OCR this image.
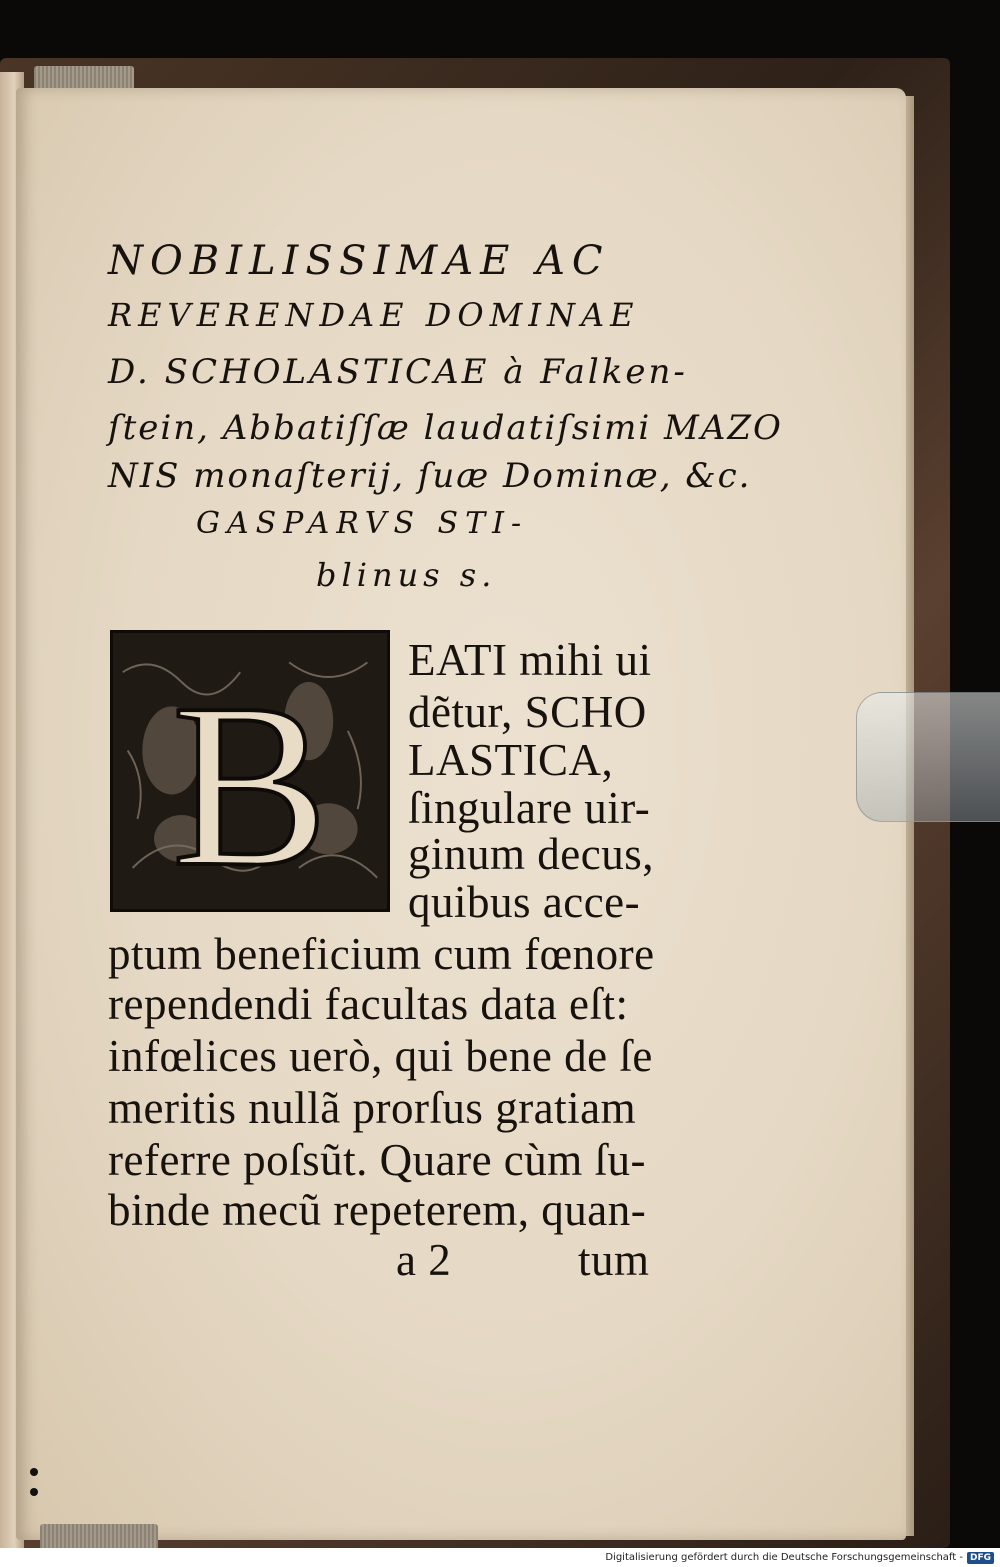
NOBILISSIMAE AC
REVERENDAE DOMINAE
D. SCHOLASTICAE à Falken-
ſtein, Abbatiſſæ laudatiſsimi MAZO
NIS monaſterij, ſuæ Dominæ, &c.
GASPARVS STI-
blinus s.
B EATI mihi ui
dẽtur, SCHO
LASTICA,
ſingulare uir-
ginum decus,
quibus acce-
ptum beneficium cum fœnore
rependendi facultas data eſt:
infœlices uerò, qui bene de ſe
meritis nullã prorſus gratiam
referre poſsũt. Quare cùm ſu-
binde mecũ repeterem, quan-
a 2	tum
Digitalisierung gefördert durch die Deutsche Forschungsgemeinschaft - DFG
